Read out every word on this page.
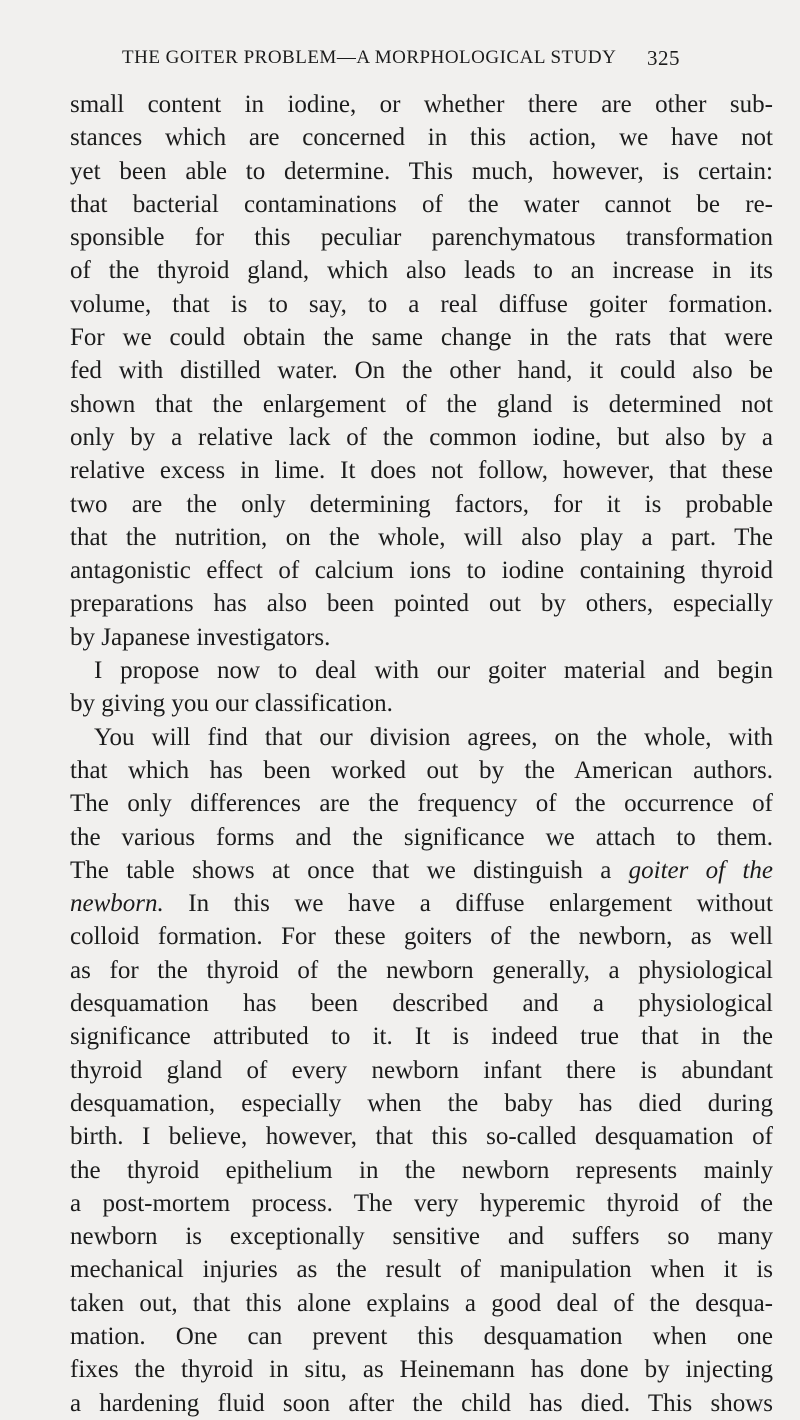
THE GOITER PROBLEM—A MORPHOLOGICAL STUDY 325

small content in iodine, or whether there are other sub-
stances which are concerned in this action, we have not
yet been able to determine. This much, however, is certain:
that bacterial contaminations of the water cannot be re-
sponsible for this peculiar parenchymatous transformation
of the thyroid gland, which also leads to an increase in its
volume, that is to say, to a real diffuse goiter formation.
For we could obtain the same change in the rats that were
fed with distilled water. On the other hand, it could also be
shown that the enlargement of the gland is determined not
only by a relative lack of the common iodine, but also by a
relative excess in lime. It does not follow, however, that these
two are the only determining factors, for it is probable
that the nutrition, on the whole, will also play a part. The
antagonistic effect of calcium ions to iodine containing thyroid
preparations has also been pointed out by others, especially
by Japanese investigators.

I propose now to deal with our goiter material and begin
by giving you our classification.

You will find that our division agrees, on the whole, with
that which has been worked out by the American authors.
The only differences are the frequency of the occurrence of
the various forms and the significance we attach to them.
The table shows at once that we distinguish a goiter of the
newborn. In this we have a diffuse enlargement without
colloid formation. For these goiters of the newborn, as well
as for the thyroid of the newborn generally, a physiological
desquamation has been described and a physiological
significance attributed to it. It is indeed true that in the
thyroid gland of every newborn infant there is abundant
desquamation, especially when the baby has died during
birth. I believe, however, that this so-called desquamation of
the thyroid epithelium in the newborn represents mainly
a post-mortem process. The very hyperemic thyroid of the
newborn is exceptionally sensitive and suffers so many
mechanical injuries as the result of manipulation when it is
taken out, that this alone explains a good deal of the desqua-
mation. One can prevent this desquamation when one
fixes the thyroid in situ, as Heinemann has done by injecting
a hardening fluid soon after the child has died. This shows
